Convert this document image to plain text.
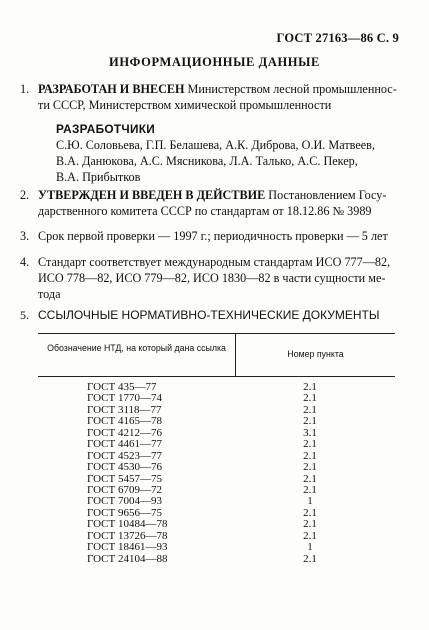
ГОСТ 27163—86 С. 9
ИНФОРМАЦИОННЫЕ ДАННЫЕ
1. РАЗРАБОТАН И ВНЕСЕН Министерством лесной промышленнос-

ти СССР, Министерством химической промышленности

РАЗРАБОТЧИКИ

С.Ю. Соловьева, Г.П. Белашева, А.К. Диброва, О.И. Матвеев,

В.А. Данюкова, А.С. Мясникова, Л.А. Талько, А.С. Пекер,

В.А. Прибытков

2. УТВЕРЖДЕН И ВВЕДЕН В ДЕЙСТВИЕ Постановлением Госу-

дарственного комитета СССР по стандартам от 18.12.86 № 3989

3. Срок первой проверки — 1997 г.; периодичность проверки — 5 лет

4. Стандарт соответствует международным стандартам ИСО 777—82,

ИСО 778—82, ИСО 779—82, ИСО 1830—82 в части сущности ме-

тода

5. ССЫЛОЧНЫЕ НОРМАТИВНО-ТЕХНИЧЕСКИЕ ДОКУМЕНТЫ

Обозначение НТД, на который дана ссылка
Номер пункта
ГОСТ 435—77	2.1
ГОСТ 1770—74	2.1
ГОСТ 3118—77	2.1
ГОСТ 4165—78	2.1
ГОСТ 4212—76	3.1
ГОСТ 4461—77	2.1
ГОСТ 4523—77	2.1
ГОСТ 4530—76	2.1
ГОСТ 5457—75	2.1
ГОСТ 6709—72	2.1
ГОСТ 7004—93	1
ГОСТ 9656—75	2.1
ГОСТ 10484—78	2.1
ГОСТ 13726—78	2.1
ГОСТ 18461—93	1
ГОСТ 24104—88	2.1
